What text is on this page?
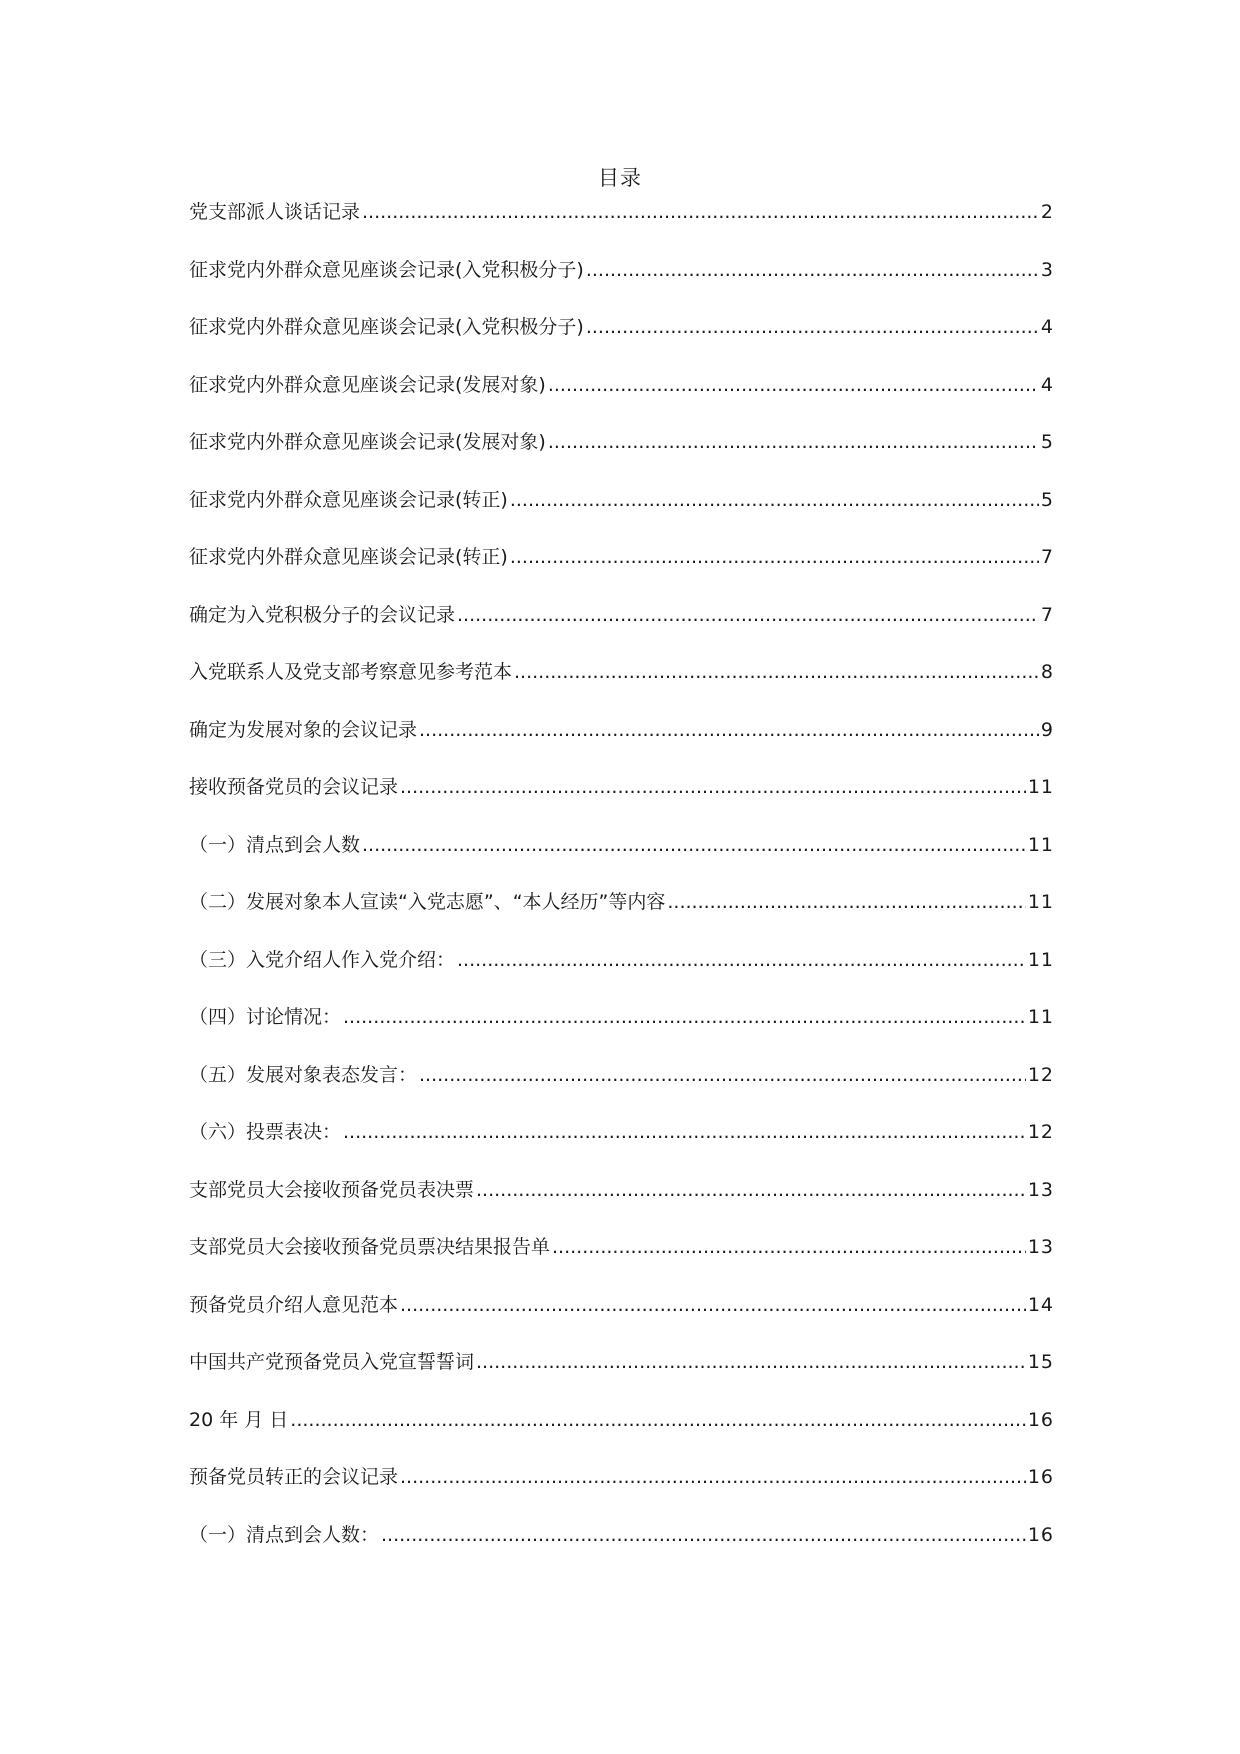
目录
党支部派人谈话记录 .....	2
征求党内外群众意见座谈会记录(入党积极分子) .....	3
征求党内外群众意见座谈会记录(入党积极分子) .....	4
征求党内外群众意见座谈会记录(发展对象) .....	4
征求党内外群众意见座谈会记录(发展对象) .....	5
征求党内外群众意见座谈会记录(转正) .....	5
征求党内外群众意见座谈会记录(转正) .....	7
确定为入党积极分子的会议记录 .....	7
入党联系人及党支部考察意见参考范本 .....	8
确定为发展对象的会议记录 .....	9
接收预备党员的会议记录 .....	11
（一）清点到会人数 .....	11
（二）发展对象本人宣读“入党志愿”、“本人经历”等内容 .....	11
（三）入党介绍人作入党介绍： .....	11
（四）讨论情况： .....	11
（五）发展对象表态发言： .....	12
（六）投票表决： .....	12
支部党员大会接收预备党员表决票 .....	13
支部党员大会接收预备党员票决结果报告单 .....	13
预备党员介绍人意见范本 .....	14
中国共产党预备党员入党宣誓誓词 .....	15
20 年 月 日 .....	16
预备党员转正的会议记录 .....	16
（一）清点到会人数： .....	16
